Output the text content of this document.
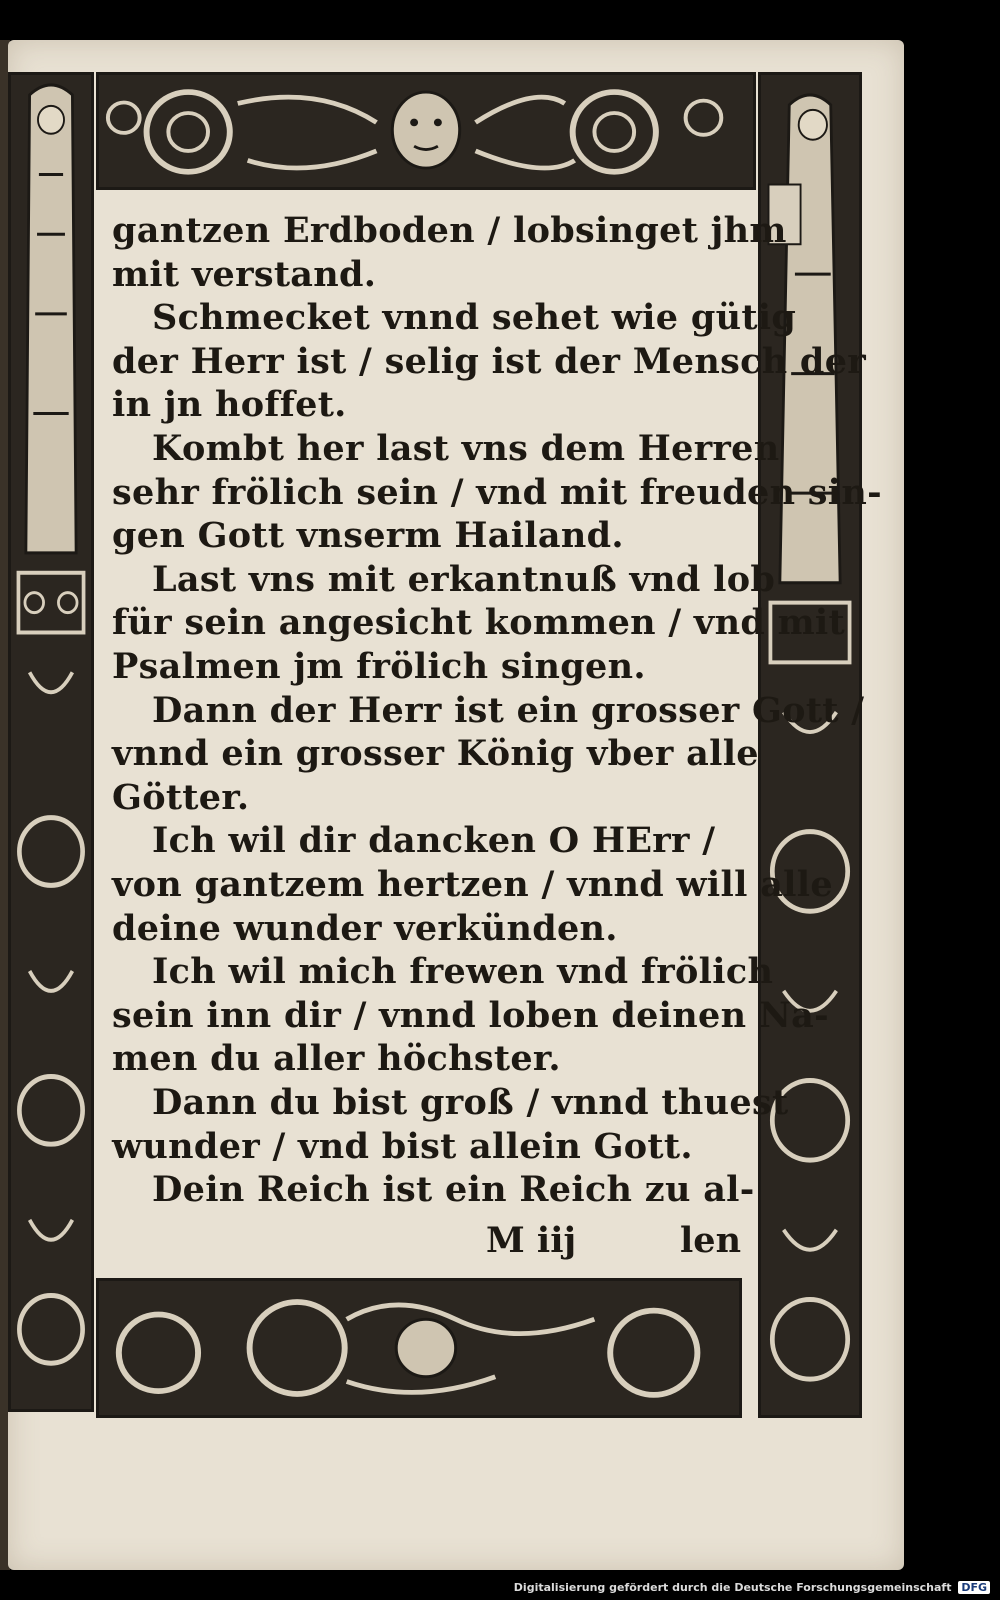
gantzen Erdboden / lobsinget jhm
mit verstand.
Schmecket vnnd sehet wie gütig
der Herr ist / selig ist der Mensch der
in jn hoffet.
Kombt her last vns dem Herren
sehr frölich sein / vnd mit freuden sin-
gen Gott vnserm Hailand.
Last vns mit erkantnuß vnd lob
für sein angesicht kommen / vnd mit
Psalmen jm frölich singen.
Dann der Herr ist ein grosser Gott /
vnnd ein grosser König vber alle
Götter.
Ich wil dir dancken O HErr /
von gantzem hertzen / vnnd will alle
deine wunder verkünden.
Ich wil mich frewen vnd frölich
sein inn dir / vnnd loben deinen Na-
men du aller höchster.
Dann du bist groß / vnnd thuest
wunder / vnd bist allein Gott.
Dein Reich ist ein Reich zu al-
M iij	len
Digitalisierung gefördert durch die Deutsche Forschungsgemeinschaft DFG
